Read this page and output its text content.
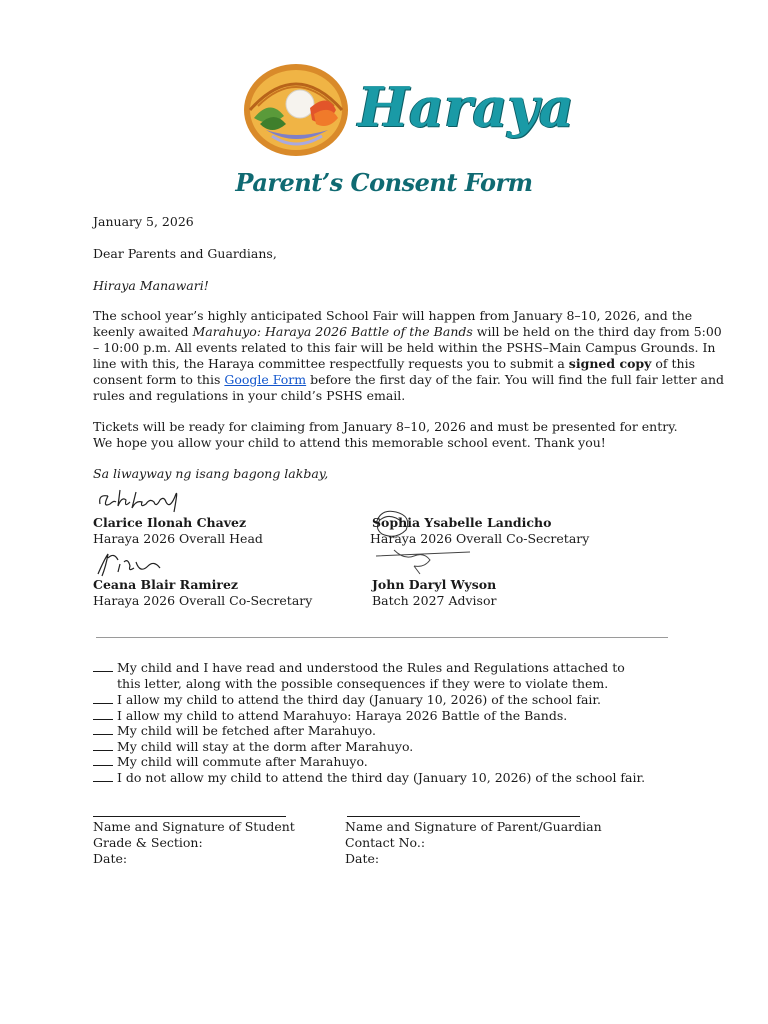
Haraya
Parent’s Consent Form
January 5, 2026
Dear Parents and Guardians,
Hiraya Manawari!
The school year’s highly anticipated School Fair will happen from January 8–10, 2026, and the
keenly awaited Marahuyo: Haraya 2026 Battle of the Bands will be held on the third day from 5:00
– 10:00 p.m. All events related to this fair will be held within the PSHS–Main Campus Grounds. In
line with this, the Haraya committee respectfully requests you to submit a signed copy of this
consent form to this Google Form before the first day of the fair. You will find the full fair letter and
rules and regulations in your child’s PSHS email.
Tickets will be ready for claiming from January 8–10, 2026 and must be presented for entry.
We hope you allow your child to attend this memorable school event. Thank you!
Sa liwayway ng isang bagong lakbay,
Clarice Ilonah Chavez
Haraya 2026 Overall Head
Sophia Ysabelle Landicho
Haraya 2026 Overall Co-Secretary
Ceana Blair Ramirez
Haraya 2026 Overall Co-Secretary
John Daryl Wyson
Batch 2027 Advisor
My child and I have read and understood the Rules and Regulations attached to
this letter, along with the possible consequences if they were to violate them.
I allow my child to attend the third day (January 10, 2026) of the school fair.
I allow my child to attend Marahuyo: Haraya 2026 Battle of the Bands.
My child will be fetched after Marahuyo.
My child will stay at the dorm after Marahuyo.
My child will commute after Marahuyo.
I do not allow my child to attend the third day (January 10, 2026) of the school fair.
Name and Signature of Student
Grade & Section:
Date:
Name and Signature of Parent/Guardian
Contact No.:
Date:
